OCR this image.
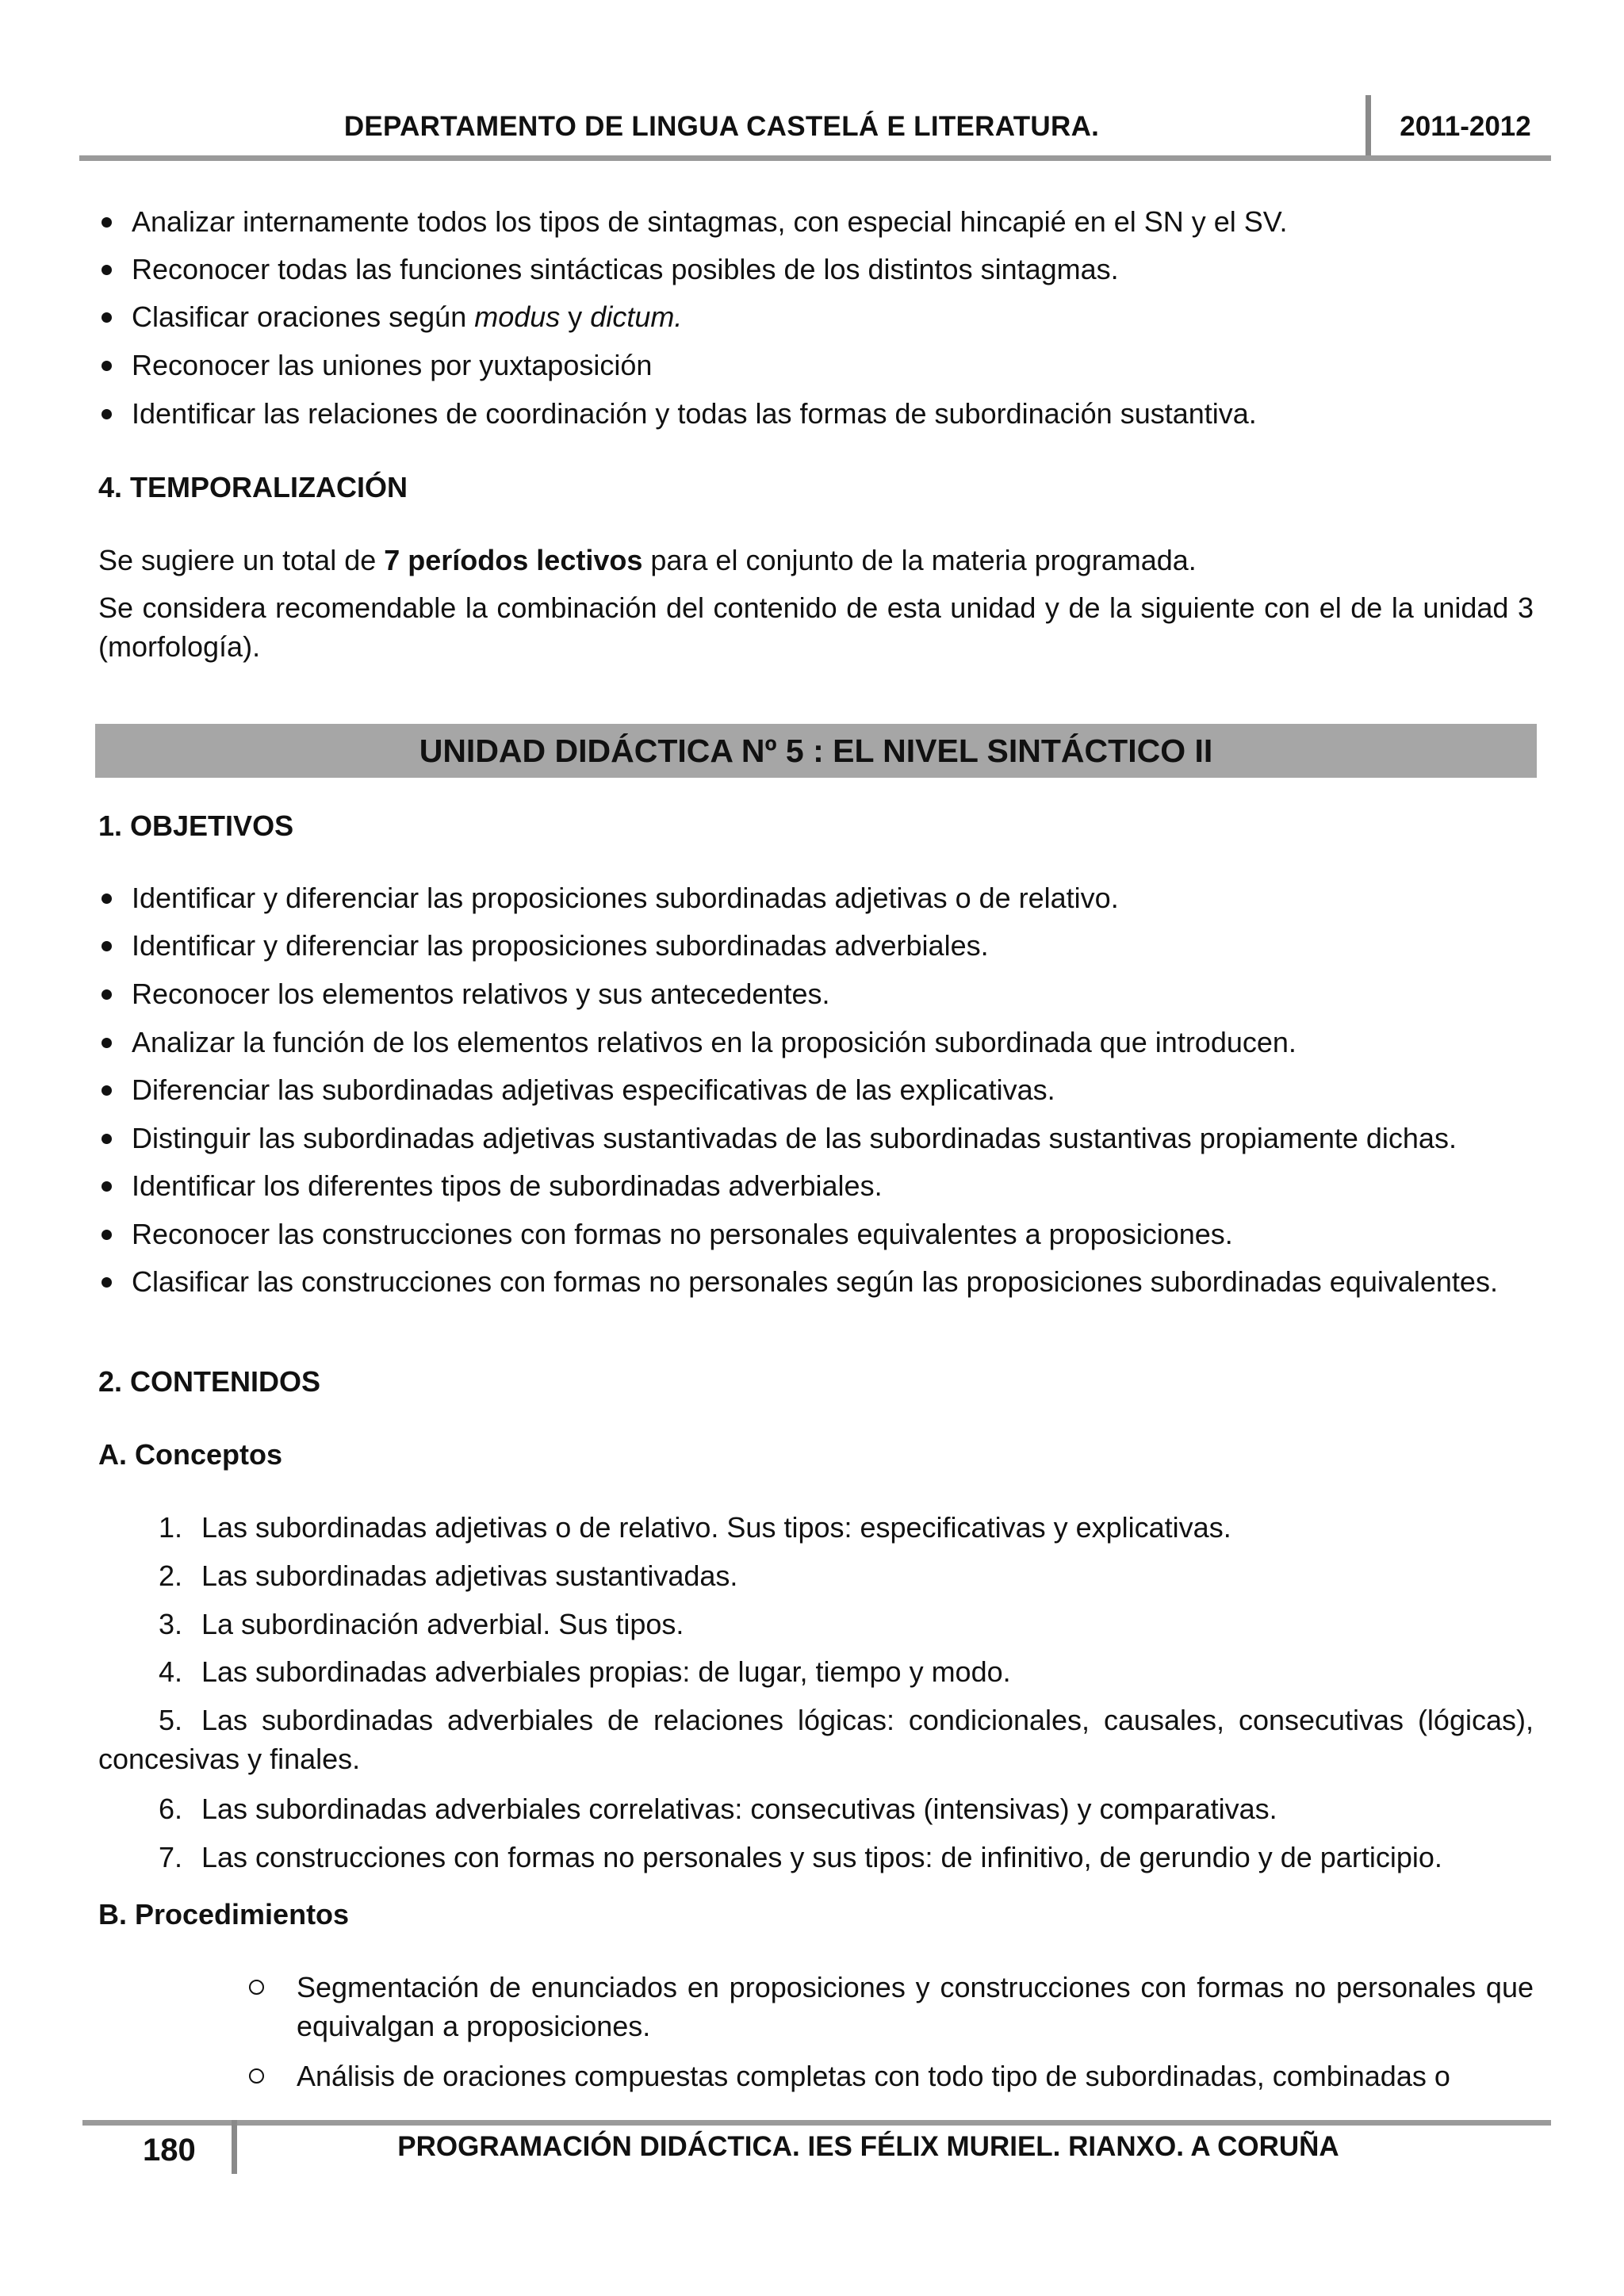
DEPARTAMENTO DE LINGUA CASTELÁ E LITERATURA.	2011-2012
Analizar internamente todos los tipos de sintagmas, con especial hincapié en el SN y el SV.
Reconocer todas las funciones sintácticas posibles de los distintos sintagmas.
Clasificar oraciones según modus y dictum.
Reconocer las uniones por yuxtaposición
Identificar las relaciones de coordinación y todas las formas de subordinación sustantiva.
4. TEMPORALIZACIÓN
Se sugiere un total de 7 períodos lectivos para el conjunto de la materia programada.
Se considera recomendable la combinación del contenido de esta unidad y de la siguiente con el de la unidad 3 (morfología).
UNIDAD DIDÁCTICA Nº 5 : EL NIVEL SINTÁCTICO II
1. OBJETIVOS
Identificar y diferenciar las proposiciones subordinadas adjetivas o de relativo.
Identificar y diferenciar las proposiciones subordinadas adverbiales.
Reconocer los elementos relativos y sus antecedentes.
Analizar la función de los elementos relativos en la proposición subordinada que introducen.
Diferenciar las subordinadas adjetivas especificativas de las explicativas.
Distinguir las subordinadas adjetivas sustantivadas de las subordinadas sustantivas propiamente dichas.
Identificar los diferentes tipos de subordinadas adverbiales.
Reconocer las construcciones con formas no personales equivalentes a proposiciones.
Clasificar las construcciones con formas no personales según las proposiciones subordinadas equivalentes.
2. CONTENIDOS
A. Conceptos
1. Las subordinadas adjetivas o de relativo. Sus tipos: especificativas y explicativas.
2. Las subordinadas adjetivas sustantivadas.
3. La subordinación adverbial. Sus tipos.
4. Las subordinadas adverbiales propias: de lugar, tiempo y modo.
5. Las subordinadas adverbiales de relaciones lógicas: condicionales, causales, consecutivas (lógicas), concesivas y finales.
6. Las subordinadas adverbiales correlativas: consecutivas (intensivas) y comparativas.
7. Las construcciones con formas no personales y sus tipos: de infinitivo, de gerundio y de participio.
B. Procedimientos
Segmentación de enunciados en proposiciones y construcciones con formas no personales que equivalgan a proposiciones.
Análisis de oraciones compuestas completas con todo tipo de subordinadas, combinadas o
180	PROGRAMACIÓN DIDÁCTICA. IES FÉLIX MURIEL. RIANXO. A CORUÑA
